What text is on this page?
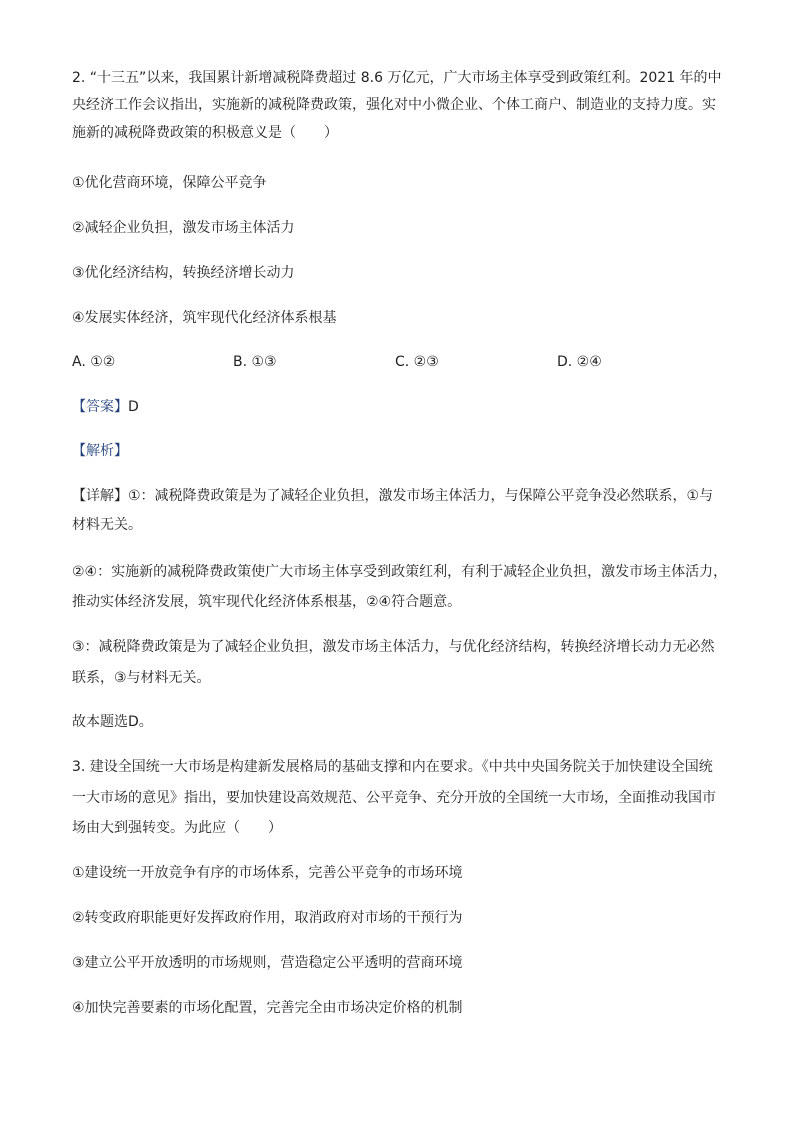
2. “十三五”以来，我国累计新增减税降费超过 8.6 万亿元，广大市场主体享受到政策红利。2021 年的中
央经济工作会议指出，实施新的减税降费政策，强化对中小微企业、个体工商户、制造业的支持力度。实
施新的减税降费政策的积极意义是（　　）
①优化营商环境，保障公平竞争
②减轻企业负担，激发市场主体活力
③优化经济结构，转换经济增长动力
④发展实体经济，筑牢现代化经济体系根基
A. ①②	B. ①③	C. ②③	D. ②④
【答案】D
【解析】
【详解】①：减税降费政策是为了减轻企业负担，激发市场主体活力，与保障公平竞争没必然联系，①与
材料无关。
②④：实施新的减税降费政策使广大市场主体享受到政策红利，有利于减轻企业负担，激发市场主体活力，
推动实体经济发展，筑牢现代化经济体系根基，②④符合题意。
③：减税降费政策是为了减轻企业负担，激发市场主体活力，与优化经济结构，转换经济增长动力无必然
联系，③与材料无关。
故本题选D。
3. 建设全国统一大市场是构建新发展格局的基础支撑和内在要求。《中共中央国务院关于加快建设全国统
一大市场的意见》指出，要加快建设高效规范、公平竞争、充分开放的全国统一大市场，全面推动我国市
场由大到强转变。为此应（　　）
①建设统一开放竞争有序的市场体系，完善公平竞争的市场环境
②转变政府职能更好发挥政府作用，取消政府对市场的干预行为
③建立公平开放透明的市场规则，营造稳定公平透明的营商环境
④加快完善要素的市场化配置，完善完全由市场决定价格的机制
